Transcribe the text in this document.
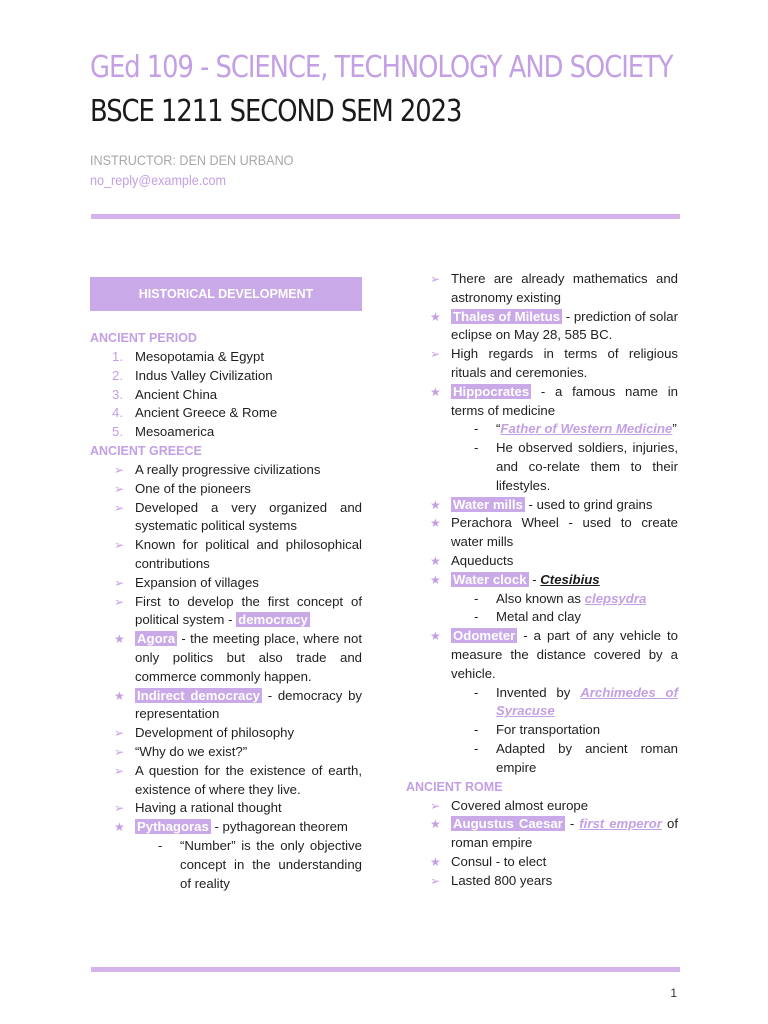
GEd 109 - SCIENCE, TECHNOLOGY AND SOCIETY
BSCE 1211 SECOND SEM 2023
INSTRUCTOR: DEN DEN URBANO
no_reply@example.com
HISTORICAL DEVELOPMENT
ANCIENT PERIOD
1. Mesopotamia & Egypt
2. Indus Valley Civilization
3. Ancient China
4. Ancient Greece & Rome
5. Mesoamerica
ANCIENT GREECE
➢ A really progressive civilizations
➢ One of the pioneers
➢ Developed a very organized and systematic political systems
➢ Known for political and philosophical contributions
➢ Expansion of villages
➢ First to develop the first concept of political system - democracy
★ Agora - the meeting place, where not only politics but also trade and commerce commonly happen.
★ Indirect democracy - democracy by representation
➢ Development of philosophy
➢ “Why do we exist?”
➢ A question for the existence of earth, existence of where they live.
➢ Having a rational thought
★ Pythagoras - pythagorean theorem
- “Number” is the only objective concept in the understanding of reality
➢ There are already mathematics and astronomy existing
★ Thales of Miletus - prediction of solar eclipse on May 28, 585 BC.
➢ High regards in terms of religious rituals and ceremonies.
★ Hippocrates - a famous name in terms of medicine
- “Father of Western Medicine”
- He observed soldiers, injuries, and co-relate them to their lifestyles.
★ Water mills - used to grind grains
★ Perachora Wheel - used to create water mills
★ Aqueducts
★ Water clock - Ctesibius
- Also known as clepsydra
- Metal and clay
★ Odometer - a part of any vehicle to measure the distance covered by a vehicle.
- Invented by Archimedes of Syracuse
- For transportation
- Adapted by ancient roman empire
ANCIENT ROME
➢ Covered almost europe
★ Augustus Caesar - first emperor of roman empire
★ Consul - to elect
➢ Lasted 800 years
1
